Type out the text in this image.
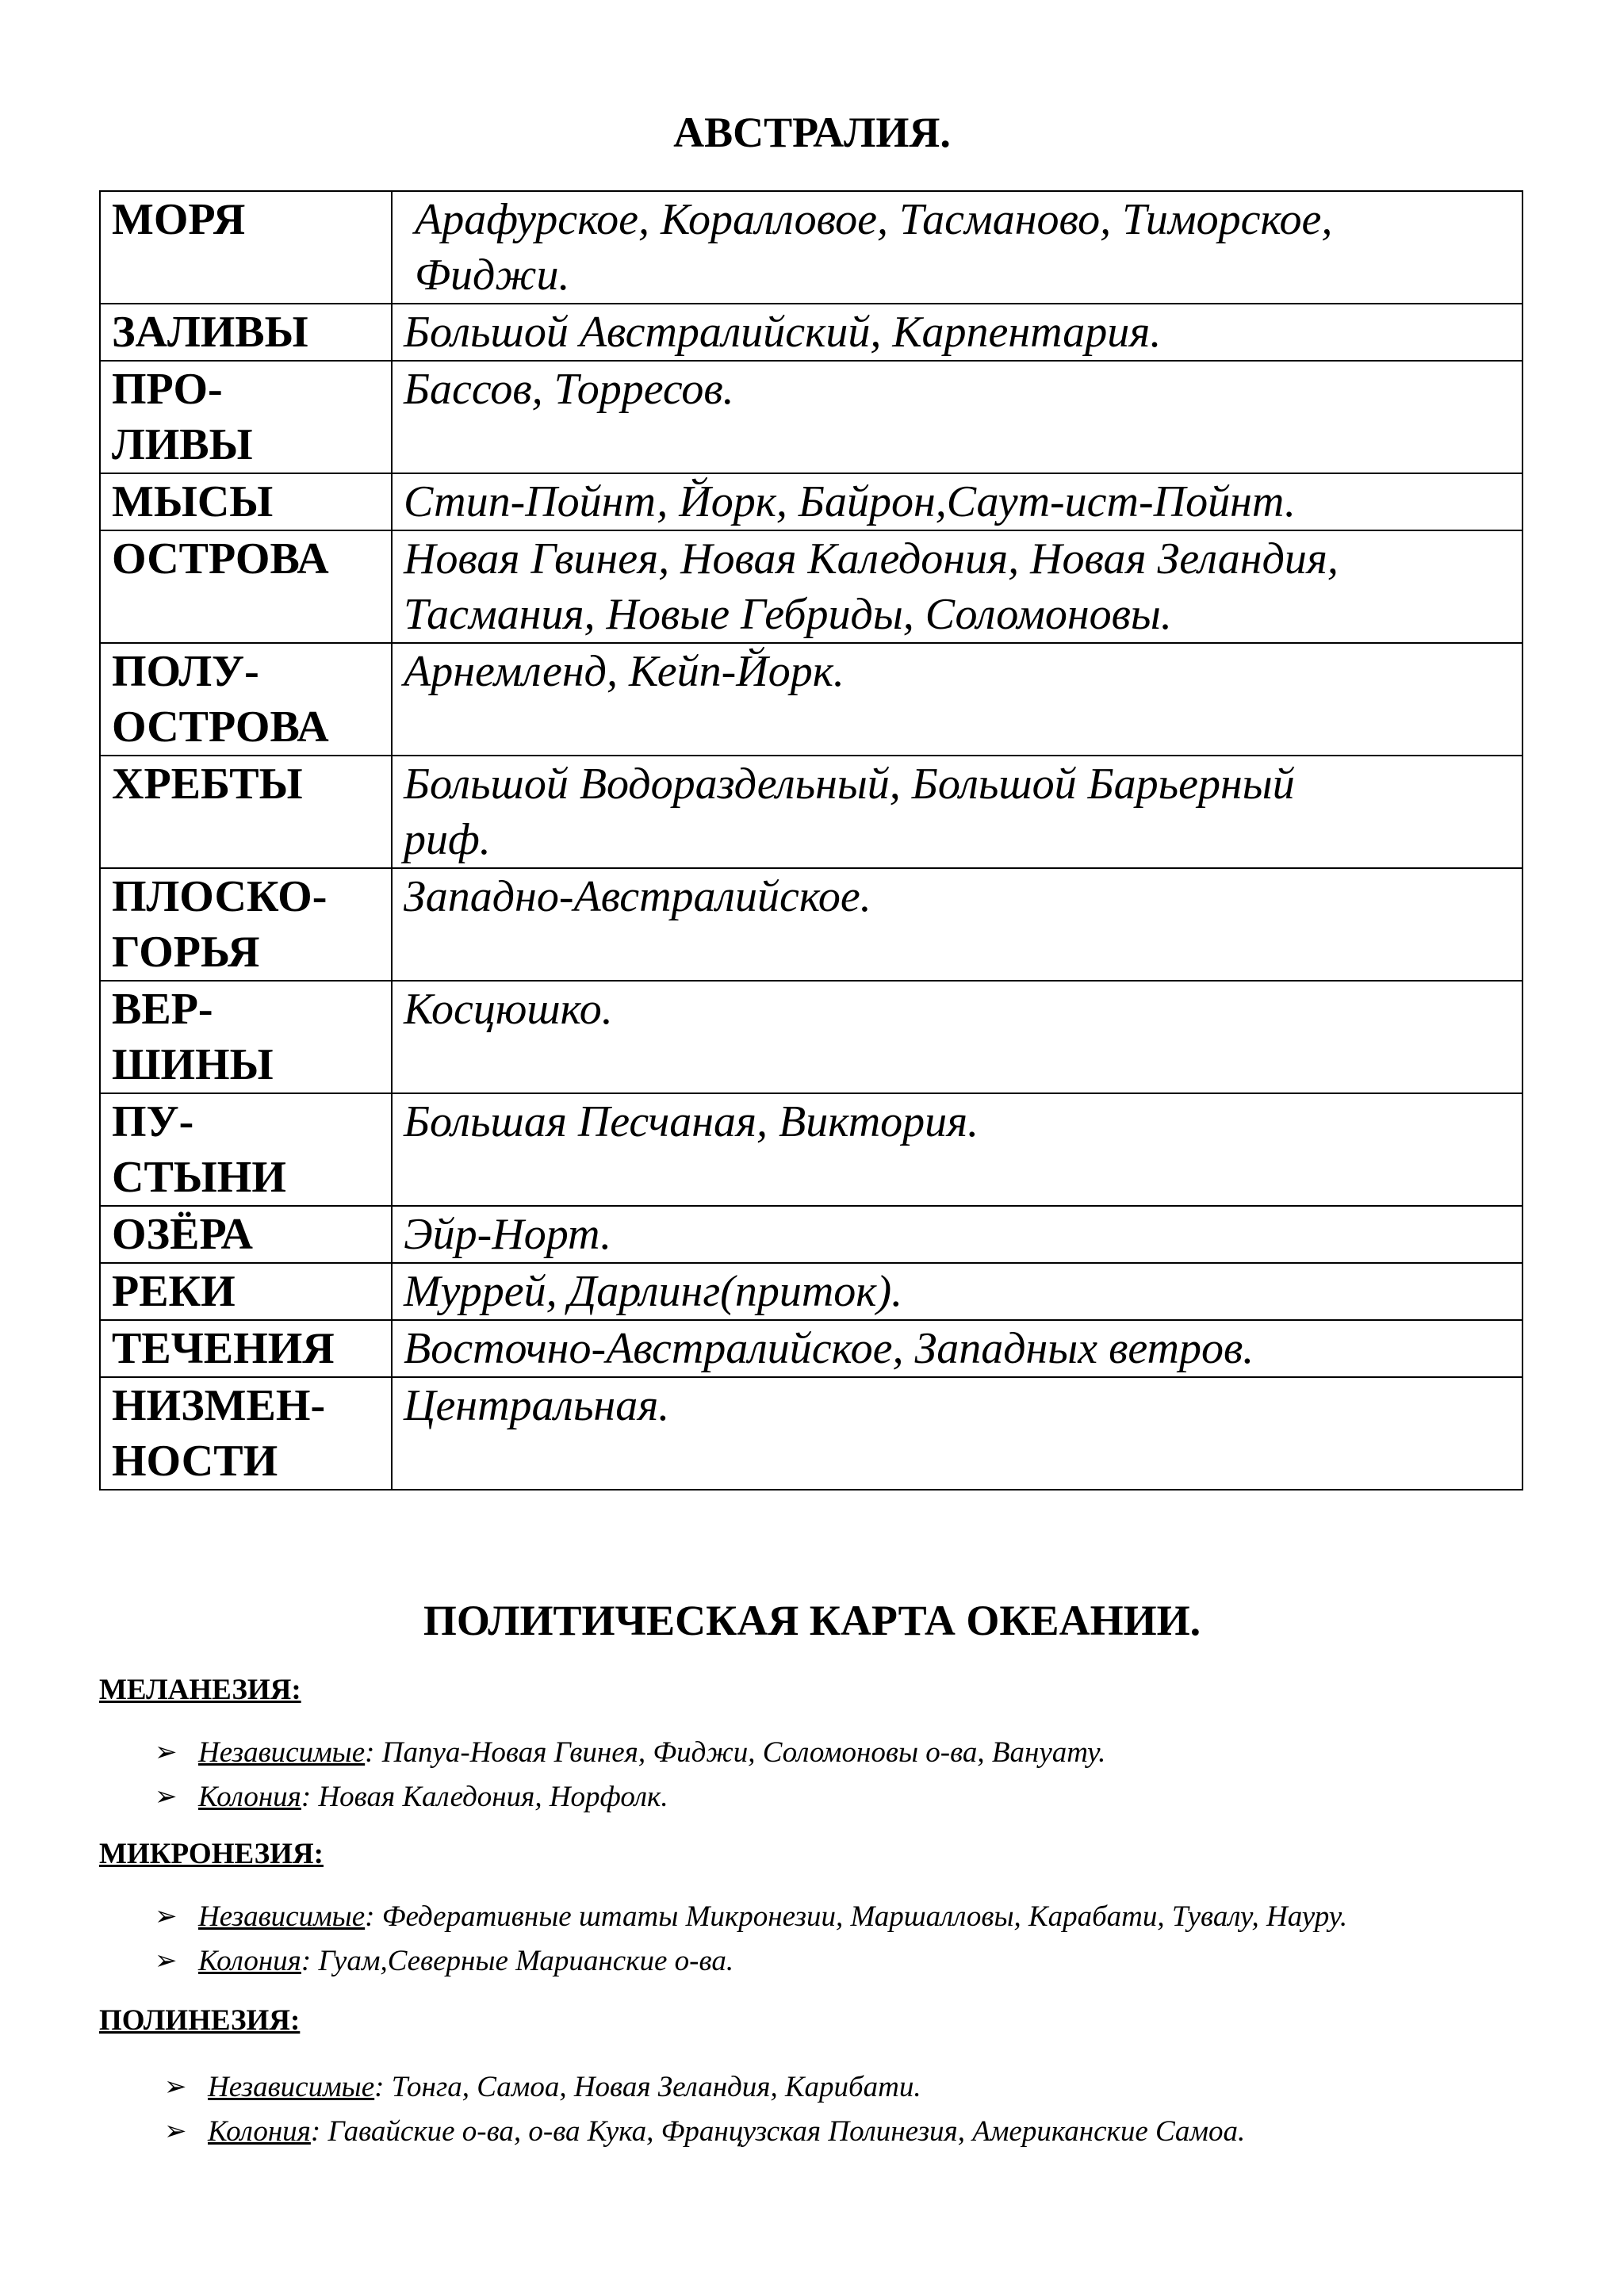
АВСТРАЛИЯ.
МОРЯ	Арафурское, Коралловое, Тасманово, Тиморское,
Фиджи.
ЗАЛИВЫ	Большой Австралийский, Карпентария.
ПРО-
ЛИВЫ	Бассов, Торресов.
МЫСЫ	Стип-Пойнт, Йорк, Байрон,Саут-ист-Пойнт.
ОСТРОВА	Новая Гвинея, Новая Каледония, Новая Зеландия,
Тасмания, Новые Гебриды, Соломоновы.
ПОЛУ-
ОСТРОВА	Арнемленд, Кейп-Йорк.
ХРЕБТЫ	Большой Водораздельный, Большой Барьерный
риф.
ПЛОСКО-
ГОРЬЯ	Западно-Австралийское.
ВЕР-
ШИНЫ	Косцюшко.
ПУ-
СТЫНИ	Большая Песчаная, Виктория.
ОЗЁРА	Эйр-Норт.
РЕКИ	Муррей, Дарлинг(приток).
ТЕЧЕНИЯ	Восточно-Австралийское, Западных ветров.
НИЗМЕН-
НОСТИ	Центральная.
ПОЛИТИЧЕСКАЯ КАРТА ОКЕАНИИ.
МЕЛАНЕЗИЯ:
➢ Независимые: Папуа-Новая Гвинея, Фиджи, Соломоновы о-ва, Вануату.
➢ Колония: Новая Каледония, Норфолк.
МИКРОНЕЗИЯ:
➢ Независимые: Федеративные штаты Микронезии, Маршалловы, Карабати, Тувалу, Науру.
➢ Колония: Гуам,Северные Марианские о-ва.
ПОЛИНЕЗИЯ:
➢ Независимые: Тонга, Самоа, Новая Зеландия, Карибати.
➢ Колония: Гавайские о-ва, о-ва Кука, Французская Полинезия, Американские Самоа.
